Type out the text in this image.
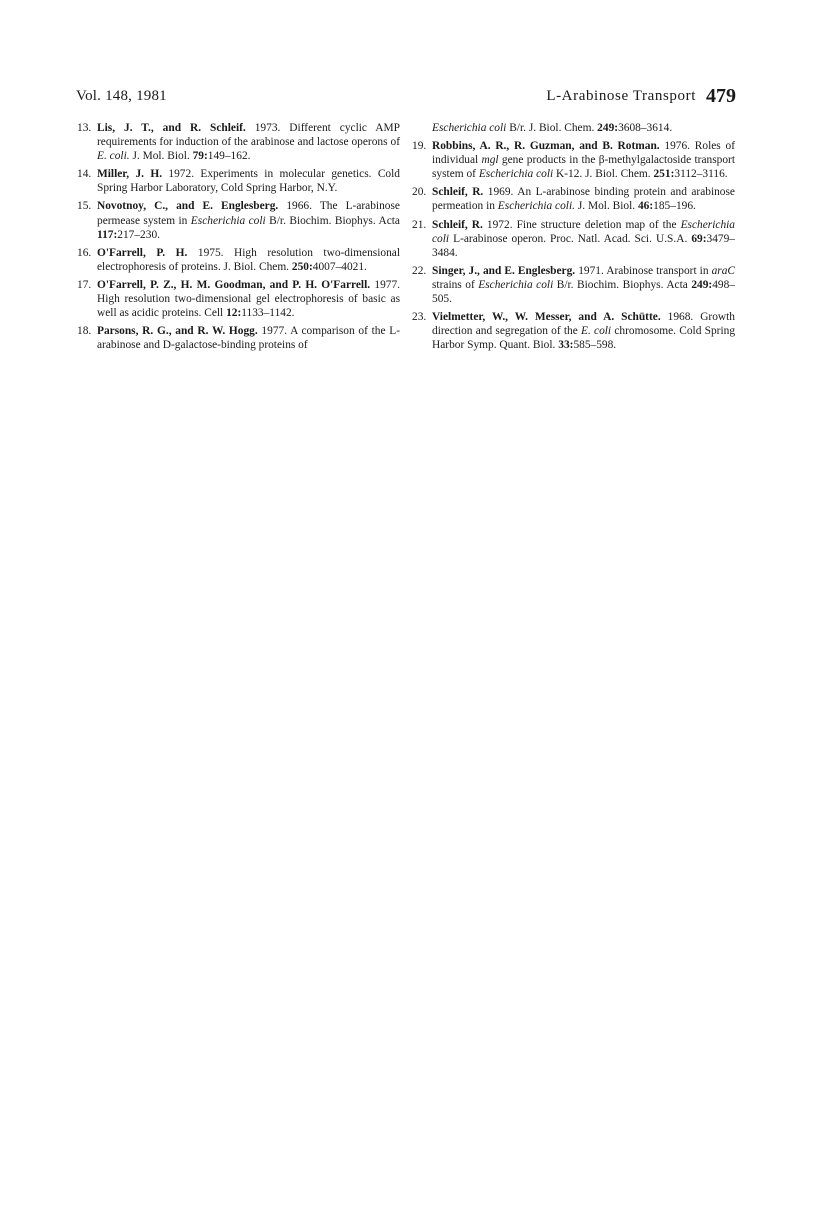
Vol. 148, 1981	L-Arabinose Transport 479

13. Lis, J. T., and R. Schleif. 1973. Different cyclic AMP requirements for induction of the arabinose and lactose operons of E. coli. J. Mol. Biol. 79:149–162.

14. Miller, J. H. 1972. Experiments in molecular genetics. Cold Spring Harbor Laboratory, Cold Spring Harbor, N.Y.

15. Novotnoy, C., and E. Englesberg. 1966. The L-arabinose permease system in Escherichia coli B/r. Biochim. Biophys. Acta 117:217–230.

16. O'Farrell, P. H. 1975. High resolution two-dimensional electrophoresis of proteins. J. Biol. Chem. 250:4007–4021.

17. O'Farrell, P. Z., H. M. Goodman, and P. H. O'Farrell. 1977. High resolution two-dimensional gel electrophoresis of basic as well as acidic proteins. Cell 12:1133–1142.

18. Parsons, R. G., and R. W. Hogg. 1977. A comparison of the L-arabinose and D-galactose-binding proteins of

Escherichia coli B/r. J. Biol. Chem. 249:3608–3614.

19. Robbins, A. R., R. Guzman, and B. Rotman. 1976. Roles of individual mgl gene products in the β-methylgalactoside transport system of Escherichia coli K-12. J. Biol. Chem. 251:3112–3116.

20. Schleif, R. 1969. An L-arabinose binding protein and arabinose permeation in Escherichia coli. J. Mol. Biol. 46:185–196.

21. Schleif, R. 1972. Fine structure deletion map of the Escherichia coli L-arabinose operon. Proc. Natl. Acad. Sci. U.S.A. 69:3479–3484.

22. Singer, J., and E. Englesberg. 1971. Arabinose transport in araC strains of Escherichia coli B/r. Biochim. Biophys. Acta 249:498–505.

23. Vielmetter, W., W. Messer, and A. Schütte. 1968. Growth direction and segregation of the E. coli chromosome. Cold Spring Harbor Symp. Quant. Biol. 33:585–598.
